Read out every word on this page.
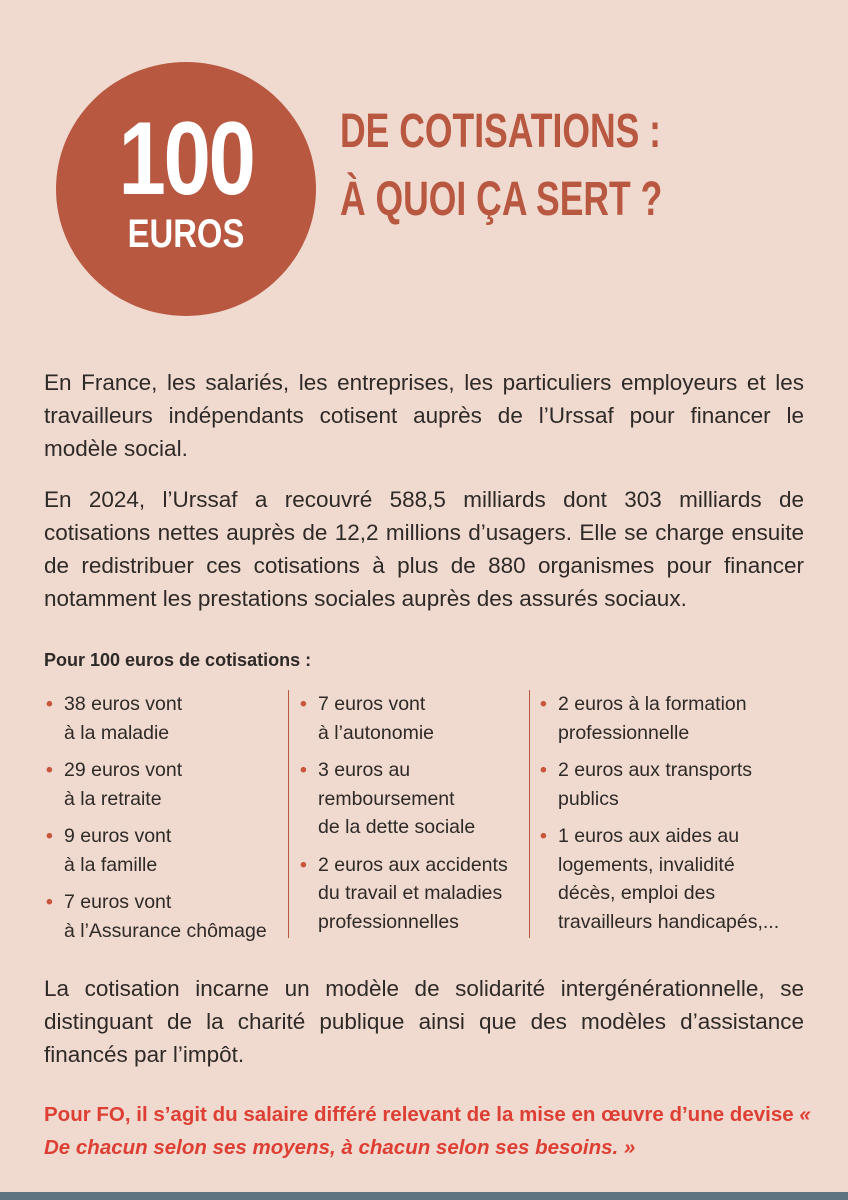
100
EUROS
DE COTISATIONS :
À QUOI ÇA SERT ?

En France, les salariés, les entreprises, les particuliers employeurs et les travailleurs indépendants cotisent auprès de l’Urssaf pour financer le modèle social.

En 2024, l’Urssaf a recouvré 588,5 milliards dont 303 milliards de cotisations nettes auprès de 12,2 millions d’usagers. Elle se charge ensuite de redistribuer ces cotisations à plus de 880 organismes pour financer notamment les prestations sociales auprès des assurés sociaux.

Pour 100 euros de cotisations :

• 38 euros vont
à la maladie
• 29 euros vont
à la retraite
• 9 euros vont
à la famille
• 7 euros vont
à l’Assurance chômage
• 7 euros vont
à l’autonomie
• 3 euros au
remboursement
de la dette sociale
• 2 euros aux accidents
du travail et maladies
professionnelles
• 2 euros à la formation
professionnelle
• 2 euros aux transports
publics
• 1 euros aux aides au
logements, invalidité
décès, emploi des
travailleurs handicapés,...

La cotisation incarne un modèle de solidarité intergénérationnelle, se distinguant de la charité publique ainsi que des modèles d’assistance financés par l’impôt.

Pour FO, il s’agit du salaire différé relevant de la mise en œuvre d’une devise « De chacun selon ses moyens, à chacun selon ses besoins. »
